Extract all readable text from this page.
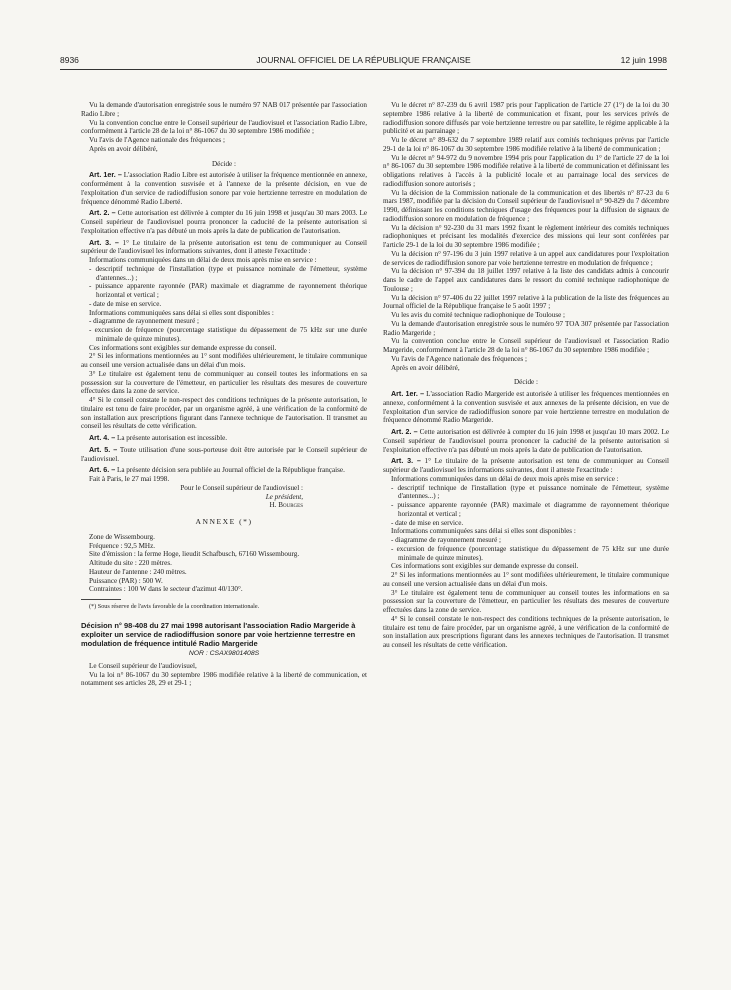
8936	JOURNAL OFFICIEL DE LA RÉPUBLIQUE FRANÇAISE	12 juin 1998

Vu la demande d'autorisation enregistrée sous le numéro 97 NAB 017 présentée par l'association Radio Libre ;

Vu la convention conclue entre le Conseil supérieur de l'audiovisuel et l'association Radio Libre, conformément à l'article 28 de la loi n° 86-1067 du 30 septembre 1986 modifiée ;

Vu l'avis de l'Agence nationale des fréquences ;

Après en avoir délibéré,

Décide :

Art. 1er. – L'association Radio Libre est autorisée à utiliser la fréquence mentionnée en annexe, conformément à la convention susvisée et à l'annexe de la présente décision, en vue de l'exploitation d'un service de radiodiffusion sonore par voie hertzienne terrestre en modulation de fréquence dénommé Radio Liberté.

Art. 2. – Cette autorisation est délivrée à compter du 16 juin 1998 et jusqu'au 30 mars 2003. Le Conseil supérieur de l'audiovisuel pourra prononcer la caducité de la présente autorisation si l'exploitation effective n'a pas débuté un mois après la date de publication de l'autorisation.

Art. 3. – 1° Le titulaire de la présente autorisation est tenu de communiquer au Conseil supérieur de l'audiovisuel les informations suivantes, dont il atteste l'exactitude :

Informations communiquées dans un délai de deux mois après mise en service :

- descriptif technique de l'installation (type et puissance nominale de l'émetteur, système d'antennes...) ;

- puissance apparente rayonnée (PAR) maximale et diagramme de rayonnement théorique horizontal et vertical ;

- date de mise en service.

Informations communiquées sans délai si elles sont disponibles :

- diagramme de rayonnement mesuré ;

- excursion de fréquence (pourcentage statistique du dépassement de 75 kHz sur une durée minimale de quinze minutes).

Ces informations sont exigibles sur demande expresse du conseil.

2° Si les informations mentionnées au 1° sont modifiées ultérieurement, le titulaire communique au conseil une version actualisée dans un délai d'un mois.

3° Le titulaire est également tenu de communiquer au conseil toutes les informations en sa possession sur la couverture de l'émetteur, en particulier les résultats des mesures de couverture effectuées dans la zone de service.

4° Si le conseil constate le non-respect des conditions techniques de la présente autorisation, le titulaire est tenu de faire procéder, par un organisme agréé, à une vérification de la conformité de son installation aux prescriptions figurant dans l'annexe technique de l'autorisation. Il transmet au conseil les résultats de cette vérification.

Art. 4. – La présente autorisation est incessible.

Art. 5. – Toute utilisation d'une sous-porteuse doit être autorisée par le Conseil supérieur de l'audiovisuel.

Art. 6. – La présente décision sera publiée au Journal officiel de la République française.

Fait à Paris, le 27 mai 1998.

Pour le Conseil supérieur de l'audiovisuel :

Le président,

H. Bourges

ANNEXE (*)

Zone de Wissembourg.

Fréquence : 92,5 MHz.

Site d'émission : la ferme Hoge, lieudit Schafbusch, 67160 Wissembourg.

Altitude du site : 220 mètres.

Hauteur de l'antenne : 240 mètres.

Puissance (PAR) : 500 W.

Contraintes : 100 W dans le secteur d'azimut 40/130°.

(*) Sous réserve de l'avis favorable de la coordination internationale.

Décision n° 98-408 du 27 mai 1998 autorisant l'association Radio Margeride à exploiter un service de radiodiffusion sonore par voie hertzienne terrestre en modulation de fréquence intitulé Radio Margeride

NOR : CSAX9801408S

Le Conseil supérieur de l'audiovisuel,

Vu la loi n° 86-1067 du 30 septembre 1986 modifiée relative à la liberté de communication, et notamment ses articles 28, 29 et 29-1 ;

Vu le décret n° 87-239 du 6 avril 1987 pris pour l'application de l'article 27 (1°) de la loi du 30 septembre 1986 relative à la liberté de communication et fixant, pour les services privés de radiodiffusion sonore diffusés par voie hertzienne terrestre ou par satellite, le régime applicable à la publicité et au parrainage ;

Vu le décret n° 89-632 du 7 septembre 1989 relatif aux comités techniques prévus par l'article 29-1 de la loi n° 86-1067 du 30 septembre 1986 modifiée relative à la liberté de communication ;

Vu le décret n° 94-972 du 9 novembre 1994 pris pour l'application du 1° de l'article 27 de la loi n° 86-1067 du 30 septembre 1986 modifiée relative à la liberté de communication et définissant les obligations relatives à l'accès à la publicité locale et au parrainage local des services de radiodiffusion sonore autorisés ;

Vu la décision de la Commission nationale de la communication et des libertés n° 87-23 du 6 mars 1987, modifiée par la décision du Conseil supérieur de l'audiovisuel n° 90-829 du 7 décembre 1990, définissant les conditions techniques d'usage des fréquences pour la diffusion de signaux de radiodiffusion sonore en modulation de fréquence ;

Vu la décision n° 92-230 du 31 mars 1992 fixant le règlement intérieur des comités techniques radiophoniques et précisant les modalités d'exercice des missions qui leur sont conférées par l'article 29-1 de la loi du 30 septembre 1986 modifiée ;

Vu la décision n° 97-196 du 3 juin 1997 relative à un appel aux candidatures pour l'exploitation de services de radiodiffusion sonore par voie hertzienne terrestre en modulation de fréquence ;

Vu la décision n° 97-394 du 18 juillet 1997 relative à la liste des candidats admis à concourir dans le cadre de l'appel aux candidatures dans le ressort du comité technique radiophonique de Toulouse ;

Vu la décision n° 97-406 du 22 juillet 1997 relative à la publication de la liste des fréquences au Journal officiel de la République française le 5 août 1997 ;

Vu les avis du comité technique radiophonique de Toulouse ;

Vu la demande d'autorisation enregistrée sous le numéro 97 TOA 307 présentée par l'association Radio Margeride ;

Vu la convention conclue entre le Conseil supérieur de l'audiovisuel et l'association Radio Margeride, conformément à l'article 28 de la loi n° 86-1067 du 30 septembre 1986 modifiée ;

Vu l'avis de l'Agence nationale des fréquences ;

Après en avoir délibéré,

Décide :

Art. 1er. – L'association Radio Margeride est autorisée à utiliser les fréquences mentionnées en annexe, conformément à la convention susvisée et aux annexes de la présente décision, en vue de l'exploitation d'un service de radiodiffusion sonore par voie hertzienne terrestre en modulation de fréquence dénommé Radio Margeride.

Art. 2. – Cette autorisation est délivrée à compter du 16 juin 1998 et jusqu'au 10 mars 2002. Le Conseil supérieur de l'audiovisuel pourra prononcer la caducité de la présente autorisation si l'exploitation effective n'a pas débuté un mois après la date de publication de l'autorisation.

Art. 3. – 1° Le titulaire de la présente autorisation est tenu de communiquer au Conseil supérieur de l'audiovisuel les informations suivantes, dont il atteste l'exactitude :

Informations communiquées dans un délai de deux mois après mise en service :

- descriptif technique de l'installation (type et puissance nominale de l'émetteur, système d'antennes...) ;

- puissance apparente rayonnée (PAR) maximale et diagramme de rayonnement théorique horizontal et vertical ;

- date de mise en service.

Informations communiquées sans délai si elles sont disponibles :

- diagramme de rayonnement mesuré ;

- excursion de fréquence (pourcentage statistique du dépassement de 75 kHz sur une durée minimale de quinze minutes).

Ces informations sont exigibles sur demande expresse du conseil.

2° Si les informations mentionnées au 1° sont modifiées ultérieurement, le titulaire communique au conseil une version actualisée dans un délai d'un mois.

3° Le titulaire est également tenu de communiquer au conseil toutes les informations en sa possession sur la couverture de l'émetteur, en particulier les résultats des mesures de couverture effectuées dans la zone de service.

4° Si le conseil constate le non-respect des conditions techniques de la présente autorisation, le titulaire est tenu de faire procéder, par un organisme agréé, à une vérification de la conformité de son installation aux prescriptions figurant dans les annexes techniques de l'autorisation. Il transmet au conseil les résultats de cette vérification.
